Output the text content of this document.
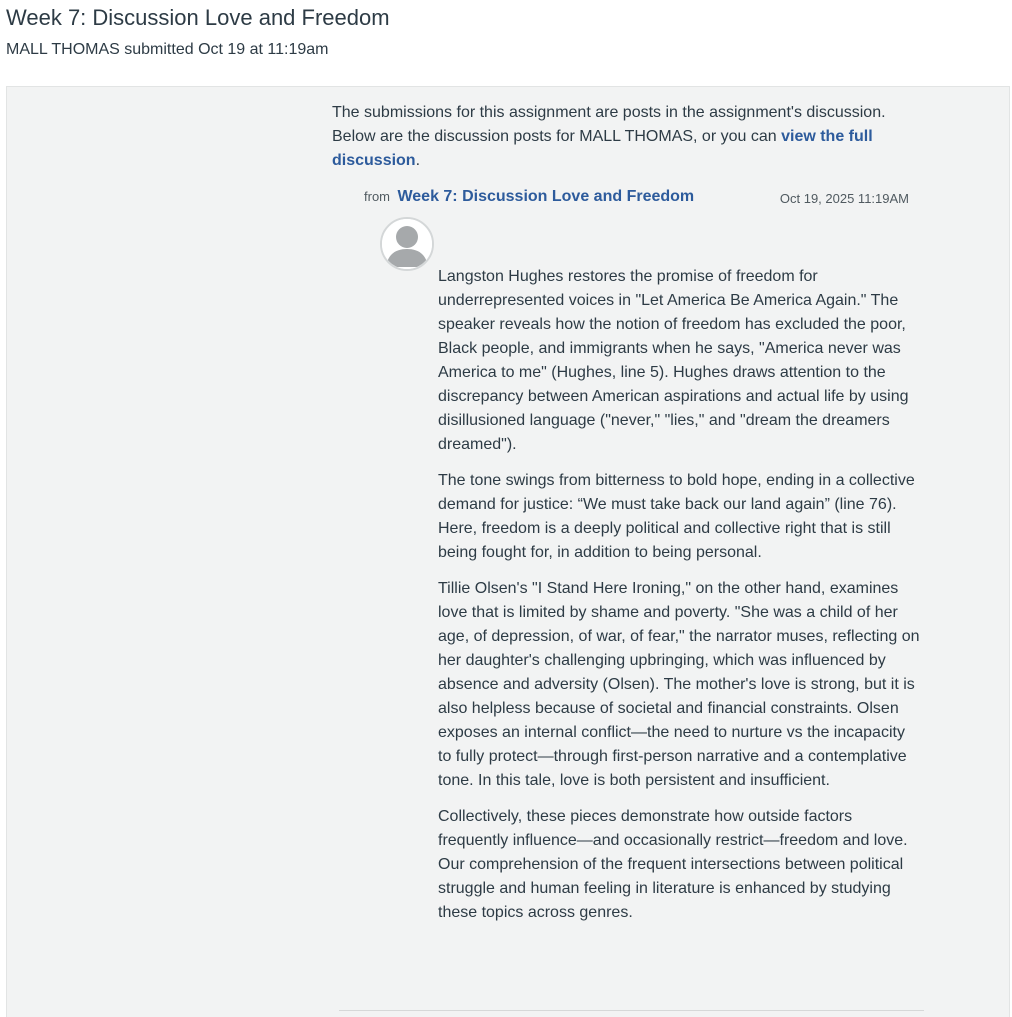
Week 7: Discussion Love and Freedom
MALL THOMAS submitted Oct 19 at 11:19am
The submissions for this assignment are posts in the assignment's discussion. Below are the discussion posts for MALL THOMAS, or you can view the full discussion.
from Week 7: Discussion Love and Freedom	Oct 19, 2025 11:19AM

Langston Hughes restores the promise of freedom for underrepresented voices in "Let America Be America Again." The speaker reveals how the notion of freedom has excluded the poor, Black people, and immigrants when he says, "America never was America to me" (Hughes, line 5). Hughes draws attention to the discrepancy between American aspirations and actual life by using disillusioned language ("never," "lies," and "dream the dreamers dreamed").

The tone swings from bitterness to bold hope, ending in a collective demand for justice: “We must take back our land again” (line 76). Here, freedom is a deeply political and collective right that is still being fought for, in addition to being personal.

Tillie Olsen's "I Stand Here Ironing," on the other hand, examines love that is limited by shame and poverty. "She was a child of her age, of depression, of war, of fear," the narrator muses, reflecting on her daughter's challenging upbringing, which was influenced by absence and adversity (Olsen). The mother's love is strong, but it is also helpless because of societal and financial constraints. Olsen exposes an internal conflict—the need to nurture vs the incapacity to fully protect—through first-person narrative and a contemplative tone. In this tale, love is both persistent and insufficient.

Collectively, these pieces demonstrate how outside factors frequently influence—and occasionally restrict—freedom and love. Our comprehension of the frequent intersections between political struggle and human feeling in literature is enhanced by studying these topics across genres.
